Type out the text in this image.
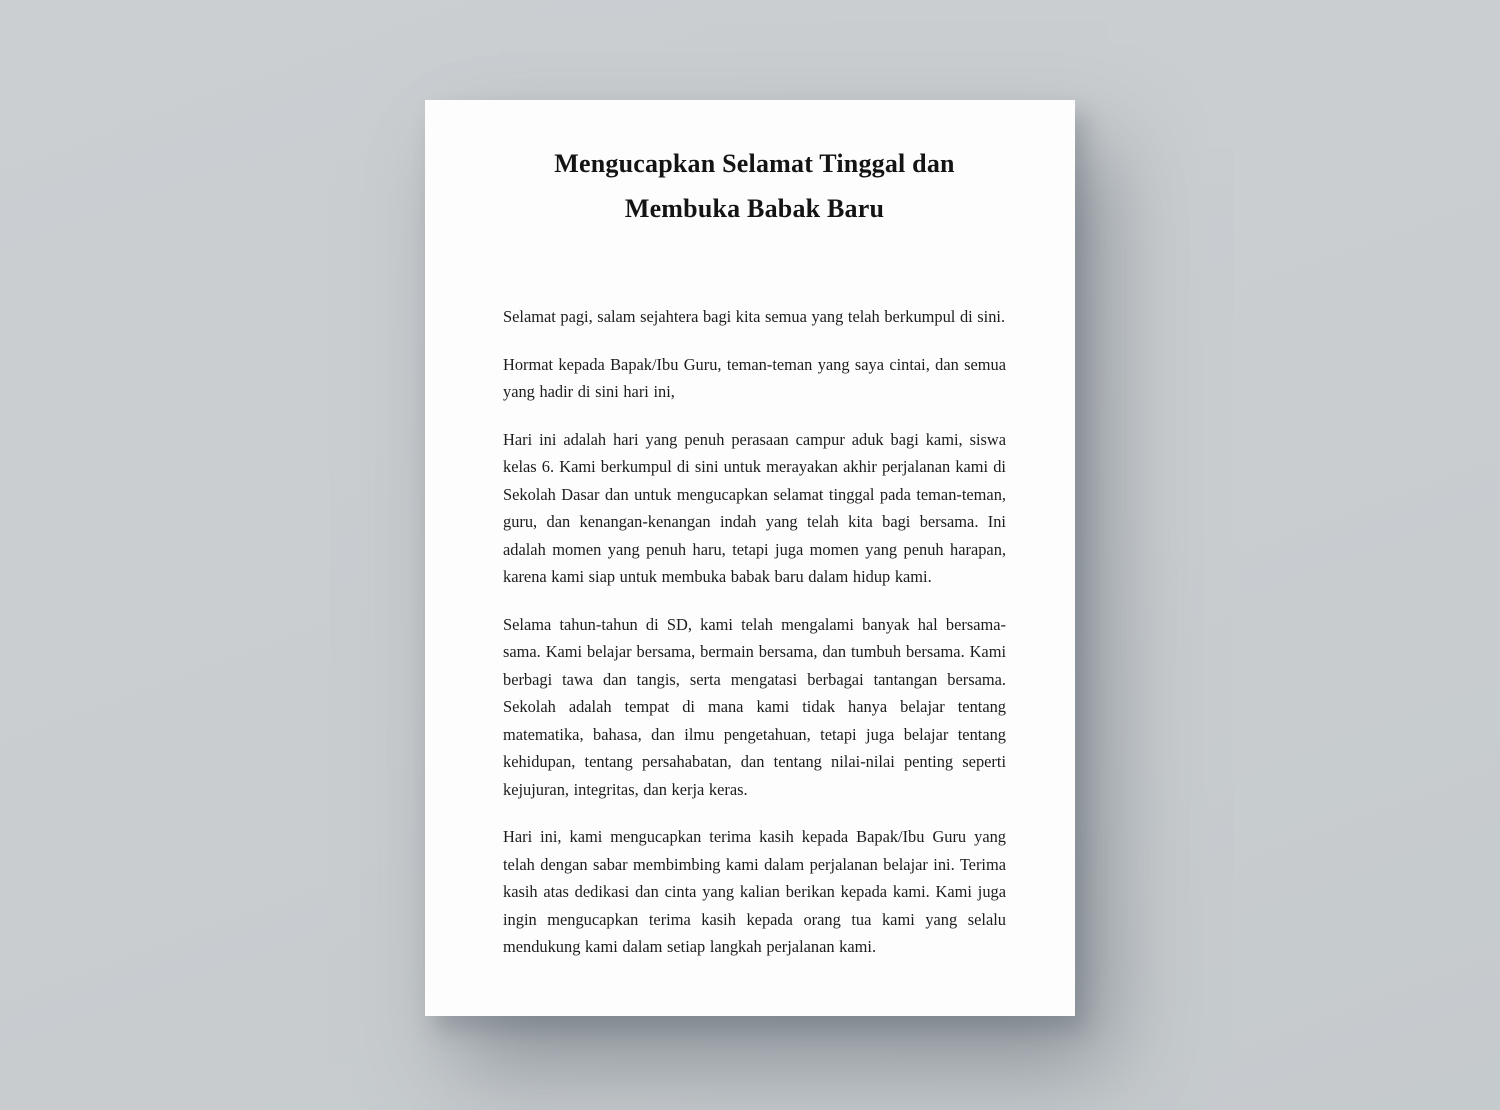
Mengucapkan Selamat Tinggal dan
Membuka Babak Baru

Selamat pagi, salam sejahtera bagi kita semua yang telah berkumpul di sini.

Hormat kepada Bapak/Ibu Guru, teman-teman yang saya cintai, dan semua yang hadir di sini hari ini,

Hari ini adalah hari yang penuh perasaan campur aduk bagi kami, siswa kelas 6. Kami berkumpul di sini untuk merayakan akhir perjalanan kami di Sekolah Dasar dan untuk mengucapkan selamat tinggal pada teman-teman, guru, dan kenangan-kenangan indah yang telah kita bagi bersama. Ini adalah momen yang penuh haru, tetapi juga momen yang penuh harapan, karena kami siap untuk membuka babak baru dalam hidup kami.

Selama tahun-tahun di SD, kami telah mengalami banyak hal bersama-sama. Kami belajar bersama, bermain bersama, dan tumbuh bersama. Kami berbagi tawa dan tangis, serta mengatasi berbagai tantangan bersama. Sekolah adalah tempat di mana kami tidak hanya belajar tentang matematika, bahasa, dan ilmu pengetahuan, tetapi juga belajar tentang kehidupan, tentang persahabatan, dan tentang nilai-nilai penting seperti kejujuran, integritas, dan kerja keras.

Hari ini, kami mengucapkan terima kasih kepada Bapak/Ibu Guru yang telah dengan sabar membimbing kami dalam perjalanan belajar ini. Terima kasih atas dedikasi dan cinta yang kalian berikan kepada kami. Kami juga ingin mengucapkan terima kasih kepada orang tua kami yang selalu mendukung kami dalam setiap langkah perjalanan kami.
